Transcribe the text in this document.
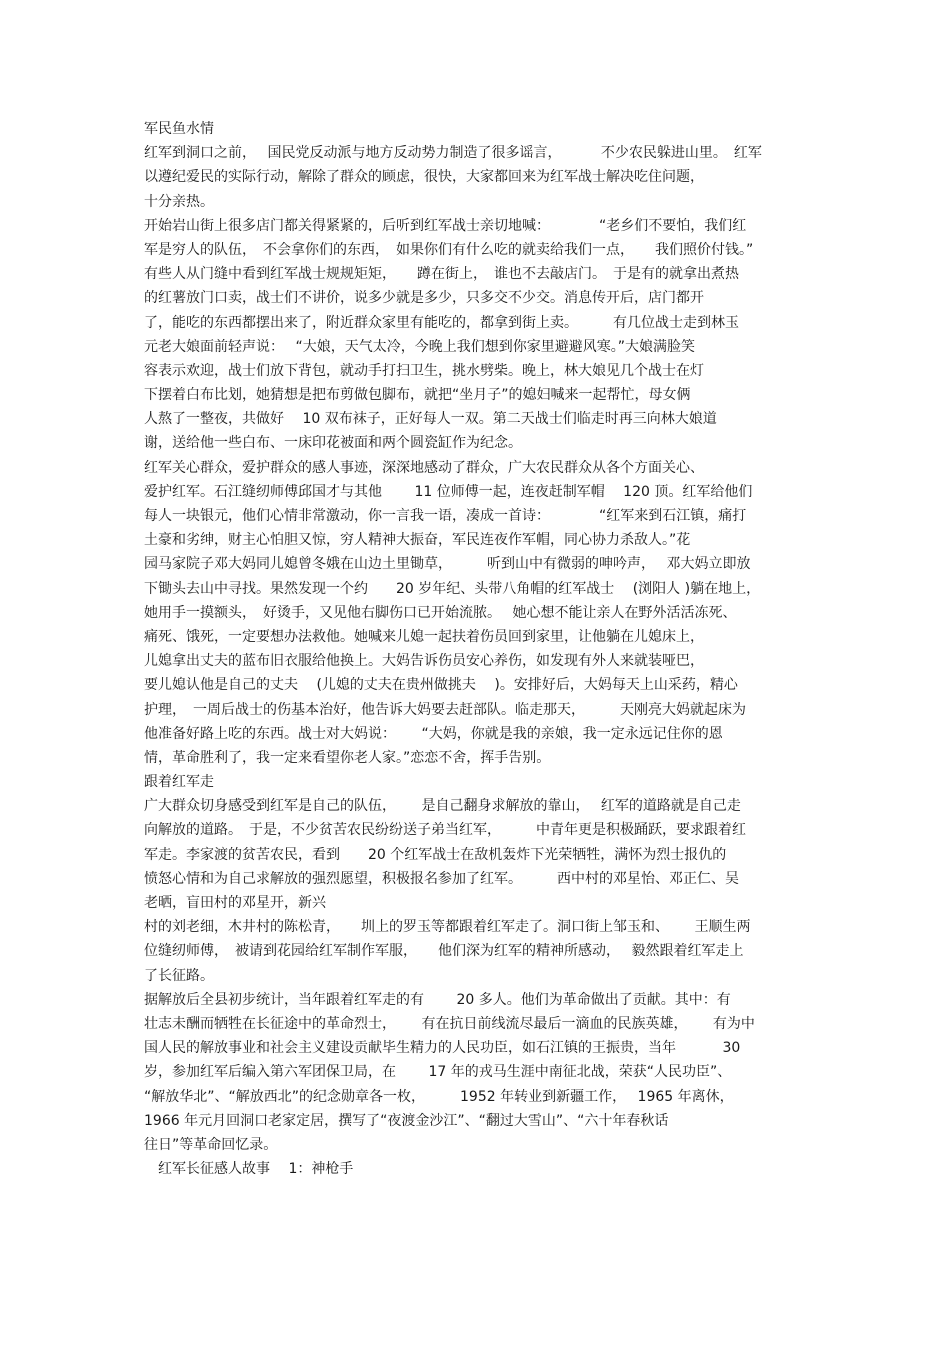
军民鱼水情
红军到洞口之前，　 国民党反动派与地方反动势力制造了很多谣言，　　　 不少农民躲进山里。　红军
以遵纪爱民的实际行动，解除了群众的顾虑，很快，大家都回来为红军战士解决吃住问题，
十分亲热。
开始岩山街上很多店门都关得紧紧的，后听到红军战士亲切地喊：　　　　“老乡们不要怕，我们红
军是穷人的队伍，　不会拿你们的东西，　如果你们有什么吃的就卖给我们一点，　　我们照价付钱。”
有些人从门缝中看到红军战士规规矩矩，　　蹲在街上，　谁也不去敲店门。　于是有的就拿出煮热
的红薯放门口卖，战士们不讲价，说多少就是多少，只多交不少交。消息传开后，店门都开
了，能吃的东西都摆出来了，附近群众家里有能吃的，都拿到街上卖。　　　有几位战士走到林玉
元老大娘面前轻声说：　 “大娘，天气太冷，今晚上我们想到你家里避避风寒。”大娘满脸笑
容表示欢迎，战士们放下背包，就动手打扫卫生，挑水劈柴。晚上，林大娘见几个战士在灯
下摆着白布比划，她猜想是把布剪做包脚布，就把“坐月子”的媳妇喊来一起帮忙，母女俩
人熬了一整夜，共做好　 10 双布袜子，正好每人一双。第二天战士们临走时再三向林大娘道
谢，送给他一些白布、一床印花被面和两个圆瓷缸作为纪念。
红军关心群众，爱护群众的感人事迹，深深地感动了群众，广大农民群众从各个方面关心、
爱护红军。石江缝纫师傅邱国才与其他　　 11 位师傅一起，连夜赶制军帽　 120 顶。红军给他们
每人一块银元，他们心情非常激动，你一言我一语，凑成一首诗：　　　　“红军来到石江镇，痛打
土豪和劣绅，财主心怕胆又惊，穷人精神大振奋，军民连夜作军帽，同心协力杀敌人。”花
园马家院子邓大妈同儿媳曾冬娥在山边土里锄草，　　　听到山中有微弱的呻吟声，　 邓大妈立即放
下锄头去山中寻找。果然发现一个约　　20 岁年纪、头带八角帽的红军战士　 (浏阳人 )躺在地上，
她用手一摸额头，　好烫手，又见他右脚伤口已开始流脓。　 她心想不能让亲人在野外活活冻死、
痛死、饿死，一定要想办法救他。她喊来儿媳一起扶着伤员回到家里，让他躺在儿媳床上，
儿媳拿出丈夫的蓝布旧衣服给他换上。大妈告诉伤员安心养伤，如发现有外人来就装哑巴，
要儿媳认他是自己的丈夫　 (儿媳的丈夫在贵州做挑夫　 )。安排好后，大妈每天上山采药，精心
护理，　一周后战士的伤基本治好，他告诉大妈要去赶部队。临走那天，　　　天刚亮大妈就起床为
他准备好路上吃的东西。战士对大妈说：　　 “大妈，你就是我的亲娘，我一定永远记住你的恩
情，革命胜利了，我一定来看望你老人家。”恋恋不舍，挥手告别。
跟着红军走
广大群众切身感受到红军是自己的队伍，　　 是自己翻身求解放的靠山，　 红军的道路就是自己走
向解放的道路。　于是，不少贫苦农民纷纷送子弟当红军，　　　中青年更是积极踊跃，要求跟着红
军走。李家渡的贫苦农民，看到　　20 个红军战士在敌机轰炸下光荣牺牲，满怀为烈士报仇的
愤怒心情和为自己求解放的强烈愿望，积极报名参加了红军。　　　西中村的邓星怡、邓正仁、吴
老晒，盲田村的邓星开，新兴
村的刘老细，木井村的陈松青，　　圳上的罗玉等都跟着红军走了。洞口街上邹玉和、　　 王顺生两
位缝纫师傅，　被请到花园给红军制作军服，　　他们深为红军的精神所感动，　 毅然跟着红军走上
了长征路。
据解放后全县初步统计，当年跟着红军走的有　　 20 多人。他们为革命做出了贡献。其中：有
壮志未酬而牺牲在长征途中的革命烈士，　　 有在抗日前线流尽最后一滴血的民族英雄，　　 有为中
国人民的解放事业和社会主义建设贡献毕生精力的人民功臣，如石江镇的王振贵，当年　　　 30
岁，参加红军后编入第六军团保卫局，在　　 17 年的戎马生涯中南征北战，荣获“人民功臣”、
“解放华北”、“解放西北”的纪念勋章各一枚，　　　1952 年转业到新疆工作，　 1965 年离休，
1966 年元月回洞口老家定居，撰写了“夜渡金沙江”、“翻过大雪山”、“六十年春秋话
往日”等革命回忆录。
　红军长征感人故事　 1：神枪手
